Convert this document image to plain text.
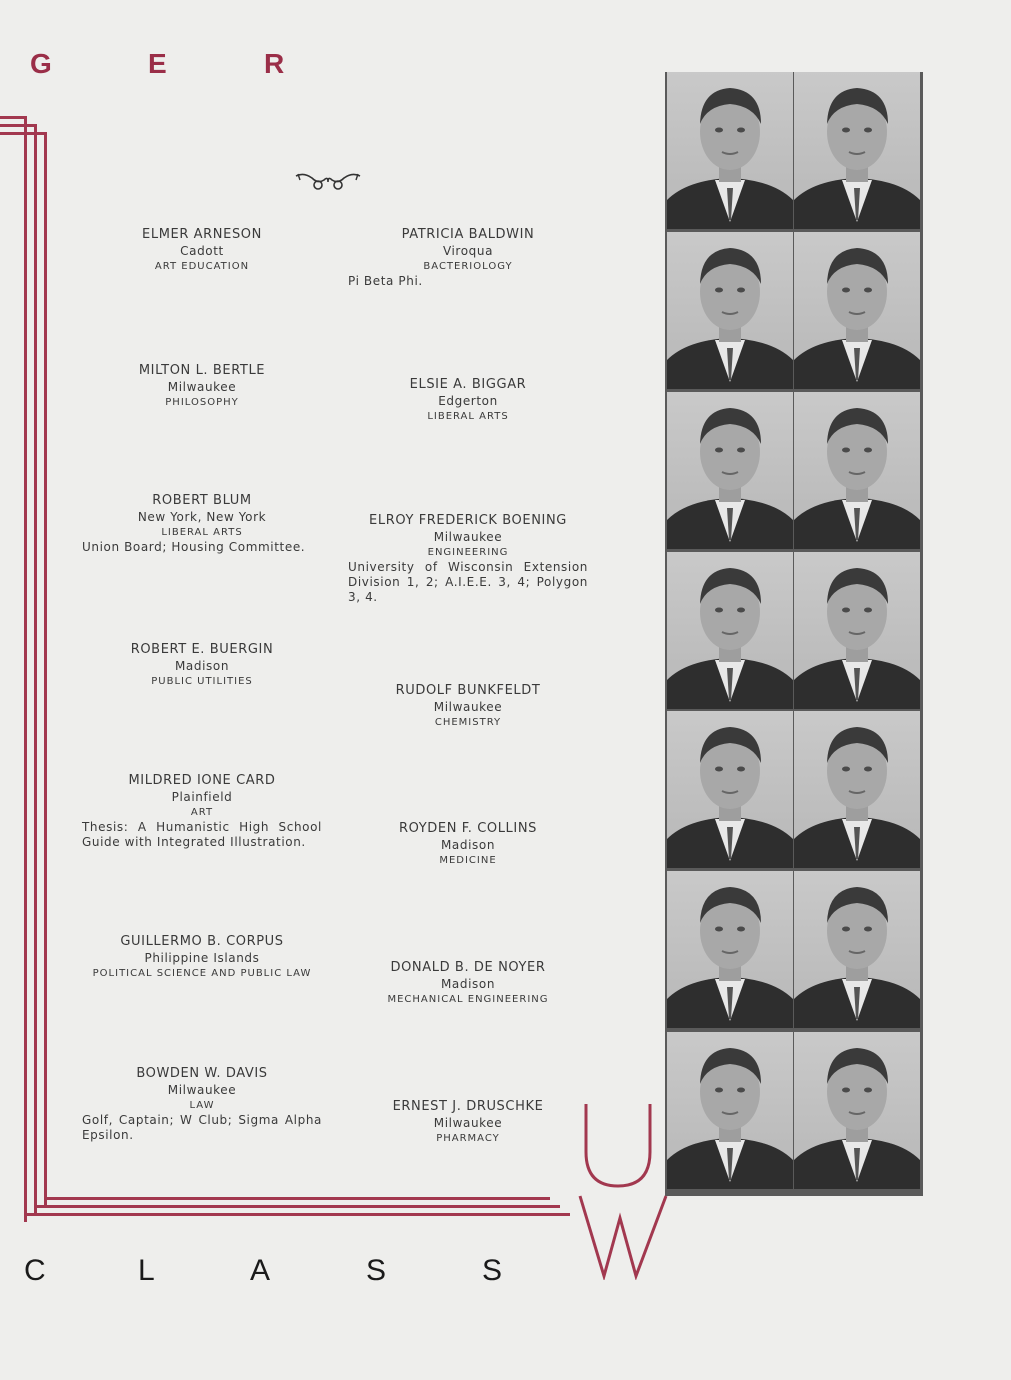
G	E	R
ELMER ARNESON
Cadott
ART EDUCATION
MILTON L. BERTLE
Milwaukee
PHILOSOPHY
ROBERT BLUM
New York, New York
LIBERAL ARTS
Union Board; Housing Committee.
ROBERT E. BUERGIN
Madison
PUBLIC UTILITIES
MILDRED IONE CARD
Plainfield
ART
Thesis: A Humanistic High School Guide with Integrated Illustration.
GUILLERMO B. CORPUS
Philippine Islands
POLITICAL SCIENCE AND PUBLIC LAW
BOWDEN W. DAVIS
Milwaukee
LAW
Golf, Captain; W Club; Sigma Alpha Epsilon.
PATRICIA BALDWIN
Viroqua
BACTERIOLOGY
Pi Beta Phi.
ELSIE A. BIGGAR
Edgerton
LIBERAL ARTS
ELROY FREDERICK BOENING
Milwaukee
ENGINEERING
University of Wisconsin Extension Division 1, 2; A.I.E.E. 3, 4; Polygon 3, 4.
RUDOLF BUNKFELDT
Milwaukee
CHEMISTRY
ROYDEN F. COLLINS
Madison
MEDICINE
DONALD B. DE NOYER
Madison
MECHANICAL ENGINEERING
ERNEST J. DRUSCHKE
Milwaukee
PHARMACY
C	L	A	S	S
